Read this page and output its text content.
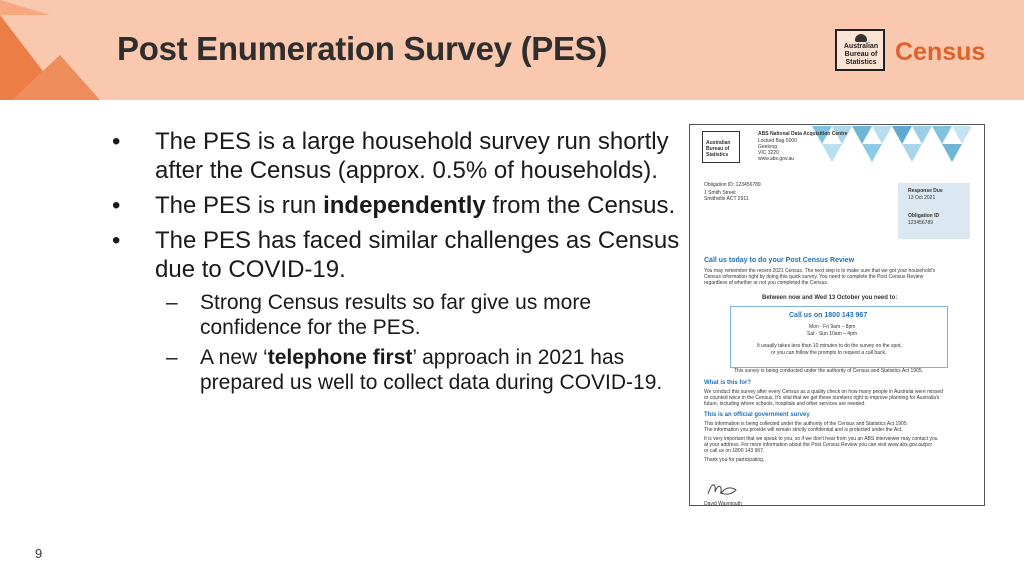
Post Enumeration Survey (PES)	Australian
Bureau of
Statistics Census
• The PES is a large household survey run shortly after the Census (approx. 0.5% of households).
• The PES is run independently from the Census.
• The PES has faced similar challenges as Census due to COVID-19.
– Strong Census results so far give us more confidence for the PES.
– A new ‘telephone first’ approach in 2021 has prepared us well to collect data during COVID-19.
Australian
Bureau of
Statistics
ABS National Data Acquisition Centre
Locked Bag 5000
Geelong
VIC 3220
www.abs.gov.au
Obligation ID: 123456789
1 Smith Street
Smithville ACT 2911
Response Due
13 Oct 2021
Obligation ID
123456789
Call us today to do your Post Census Review
You may remember the recent 2021 Census. The next step is to make sure that we got your household's
Census information right by doing this quick survey. You need to complete the Post Census Review
regardless of whether or not you completed the Census.
Between now and Wed 13 October you need to:
Call us on 1800 143 967
Mon - Fri 9am – 8pm
Sat - Sun 10am – 4pm
It usually takes less than 10 minutes to do the survey on the spot,
or you can follow the prompts to request a call back.
This survey is being conducted under the authority of Census and Statistics Act 1905.
What is this for?
We conduct this survey after every Census as a quality check on how many people in Australia were missed
or counted twice in the Census. It's vital that we get these numbers right to improve planning for Australia's
future, including where schools, hospitals and other services are needed.
This is an official government survey
This information is being collected under the authority of the Census and Statistics Act 1905.
The information you provide will remain strictly confidential and is protected under the Act.
It is very important that we speak to you, so if we don't hear from you an ABS interviewer may contact you
at your address. For more information about the Post Census Review you can visit www.abs.gov.au/pcr
or call us on 1800 143 967.
Thank you for participating.
David Waymouth
9
